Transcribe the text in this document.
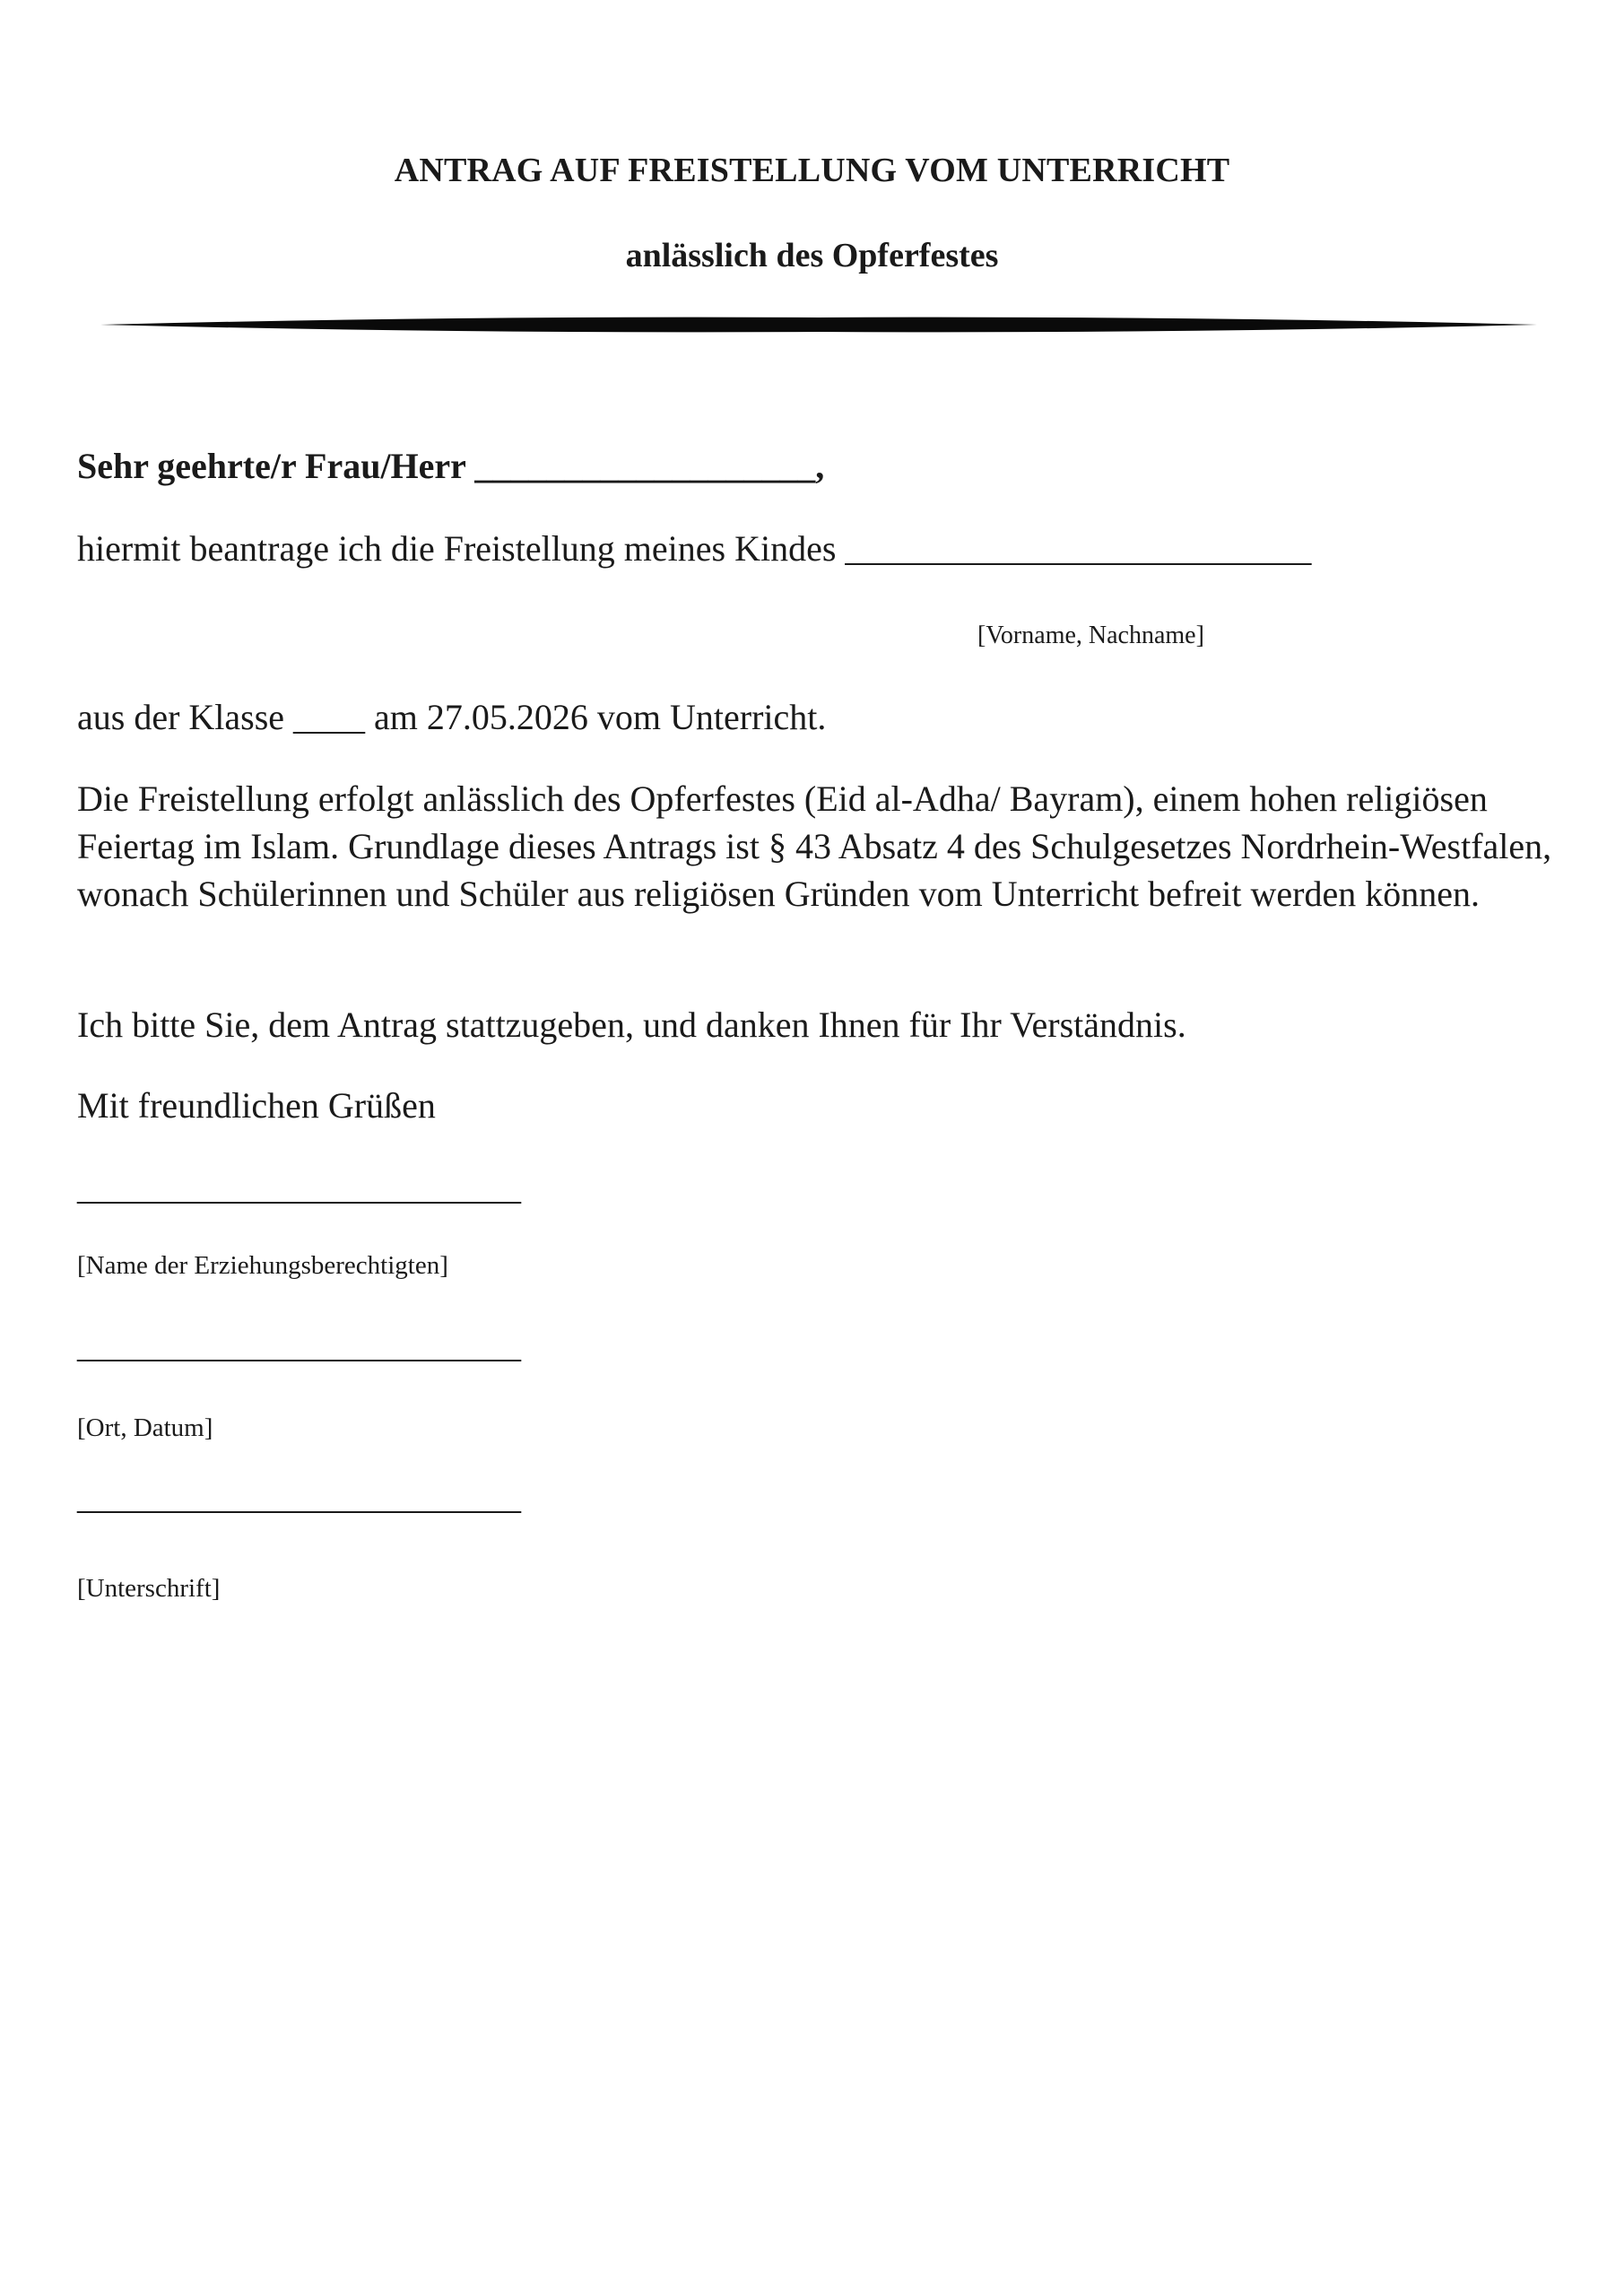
ANTRAG AUF FREISTELLUNG VOM UNTERRICHT
anlässlich des Opferfestes
Sehr geehrte/r Frau/Herr ___________________,
hiermit beantrage ich die Freistellung meines Kindes __________________________
[Vorname, Nachname]
aus der Klasse ____ am 27.05.2026 vom Unterricht.
Die Freistellung erfolgt anlässlich des Opferfestes (Eid al-Adha/ Bayram), einem hohen religiösen Feiertag im Islam. Grundlage dieses Antrags ist § 43 Absatz 4 des Schulgesetzes Nordrhein-Westfalen, wonach Schülerinnen und Schüler aus religiösen Gründen vom Unterricht befreit werden können.
Ich bitte Sie, dem Antrag stattzugeben, und danken Ihnen für Ihr Verständnis.
Mit freundlichen Grüßen
__________________________
[Name der Erziehungsberechtigten]
__________________________
[Ort, Datum]
__________________________
[Unterschrift]
